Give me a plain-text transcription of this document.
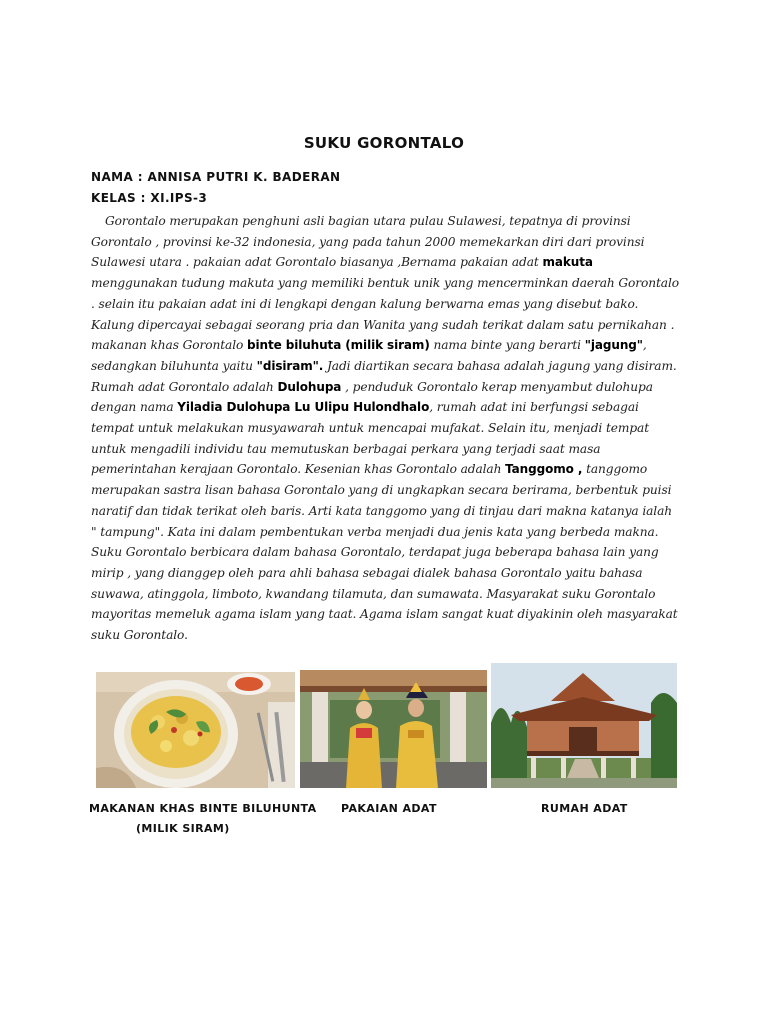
SUKU GORONTALO
NAMA : ANNISA PUTRI K. BADERAN
KELAS : XI.IPS-3
Gorontalo merupakan penghuni asli bagian utara pulau Sulawesi, tepatnya di provinsi Gorontalo , provinsi ke-32 indonesia, yang pada tahun 2000 memekarkan diri dari provinsi Sulawesi utara . pakaian adat Gorontalo biasanya ,Bernama pakaian adat makuta menggunakan tudung makuta yang memiliki bentuk unik yang mencerminkan daerah Gorontalo . selain itu pakaian adat ini di lengkapi dengan kalung berwarna emas yang disebut bako. Kalung dipercayai sebagai seorang pria dan Wanita yang sudah terikat dalam satu pernikahan . makanan khas Gorontalo binte biluhuta (milik siram) nama binte yang berarti "jagung", sedangkan biluhunta yaitu "disiram". Jadi diartikan secara bahasa adalah jagung yang disiram. Rumah adat Gorontalo adalah Dulohupa , penduduk Gorontalo kerap menyambut dulohupa dengan nama Yiladia Dulohupa Lu Ulipu Hulondhalo, rumah adat ini berfungsi sebagai tempat untuk melakukan musyawarah untuk mencapai mufakat. Selain itu, menjadi tempat untuk mengadili individu tau memutuskan berbagai perkara yang terjadi saat masa pemerintahan kerajaan Gorontalo. Kesenian khas Gorontalo adalah Tanggomo , tanggomo merupakan sastra lisan bahasa Gorontalo yang di ungkapkan secara berirama, berbentuk puisi naratif dan tidak terikat oleh baris. Arti kata tanggomo yang di tinjau dari makna katanya ialah " tampung". Kata ini dalam pembentukan verba menjadi dua jenis kata yang berbeda makna. Suku Gorontalo berbicara dalam bahasa Gorontalo, terdapat juga beberapa bahasa lain yang mirip , yang dianggep oleh para ahli bahasa sebagai dialek bahasa Gorontalo yaitu bahasa suwawa, atinggola, limboto, kwandang tilamuta, dan sumawata. Masyarakat suku Gorontalo mayoritas memeluk agama islam yang taat. Agama islam sangat kuat diyakinin oleh masyarakat suku Gorontalo.
MAKANAN KHAS BINTE BILUHUNTA
(MILIK SIRAM)
PAKAIAN ADAT	RUMAH ADAT
